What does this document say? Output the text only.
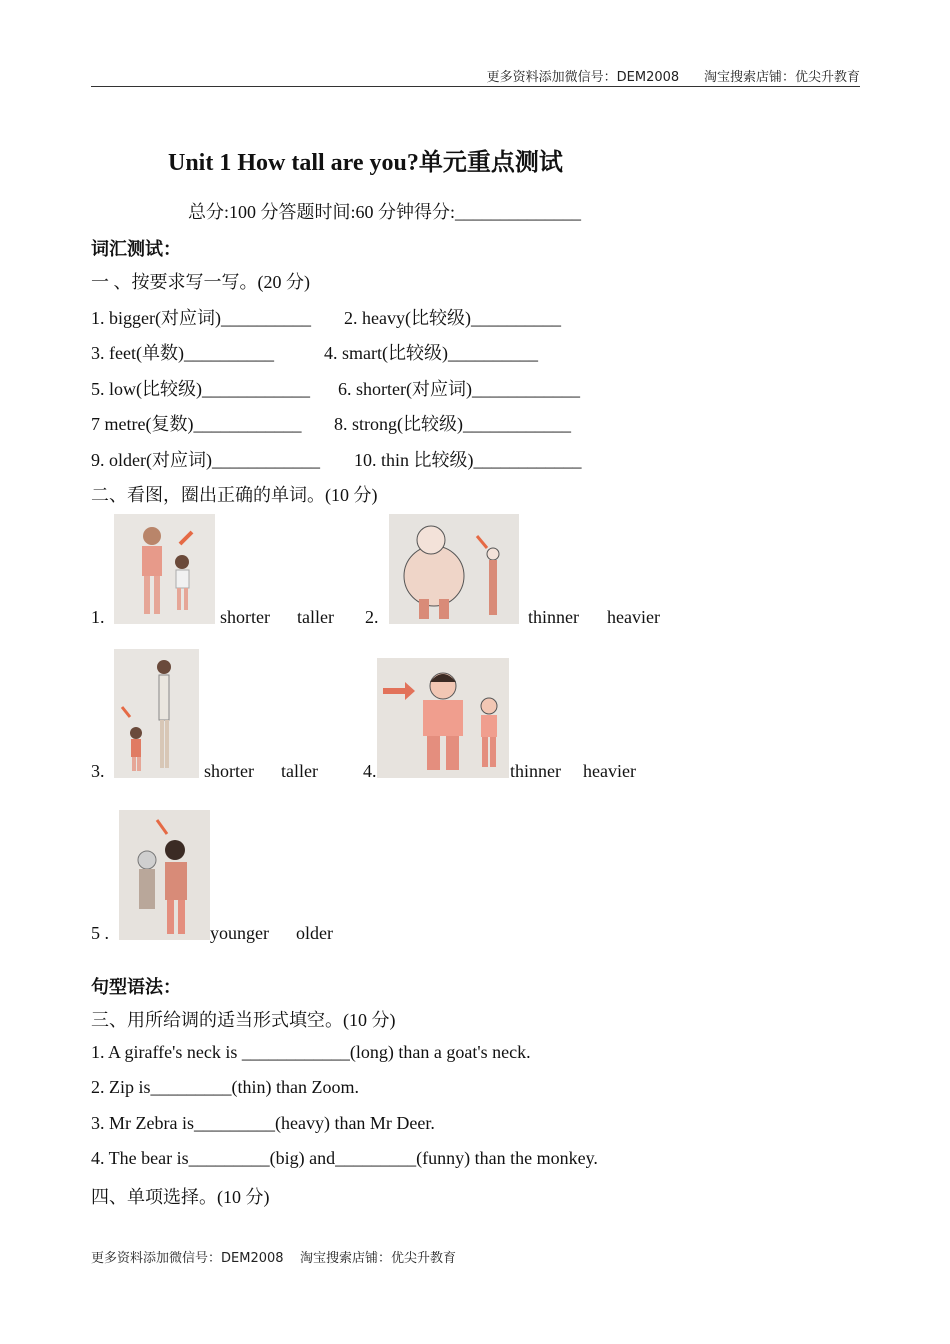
更多资料添加微信号：DEM2008      淘宝搜索店铺：优尖升教育
Unit 1 How tall are you?单元重点测试
总分:100 分答题时间:60 分钟得分:______________
词汇测试：
一 、按要求写一写。(20 分)
1. bigger(对应词)__________ 2. heavy(比较级)__________
3. feet(单数)__________	4. smart(比较级)__________
5. low(比较级)____________ 6. shorter(对应词)____________
7 metre(复数)____________ 8. strong(比较级)____________
9. older(对应词)____________ 10. thin 比较级)____________
二、看图，圈出正确的单词。(10 分)
1.	shorter taller 2.	thinner heavier
3.	shorter taller	4.	thinner heavier
5 .	younger older
句型语法：
三、用所给调的适当形式填空。(10 分)
1. A giraffe's neck is ____________(long) than a goat's neck.
2. Zip is_________(thin) than Zoom.
3. Mr Zebra is_________(heavy) than Mr Deer.
4. The bear is_________(big) and_________(funny) than the monkey.
四、单项选择。(10 分)
更多资料添加微信号：DEM2008    淘宝搜索店铺：优尖升教育
